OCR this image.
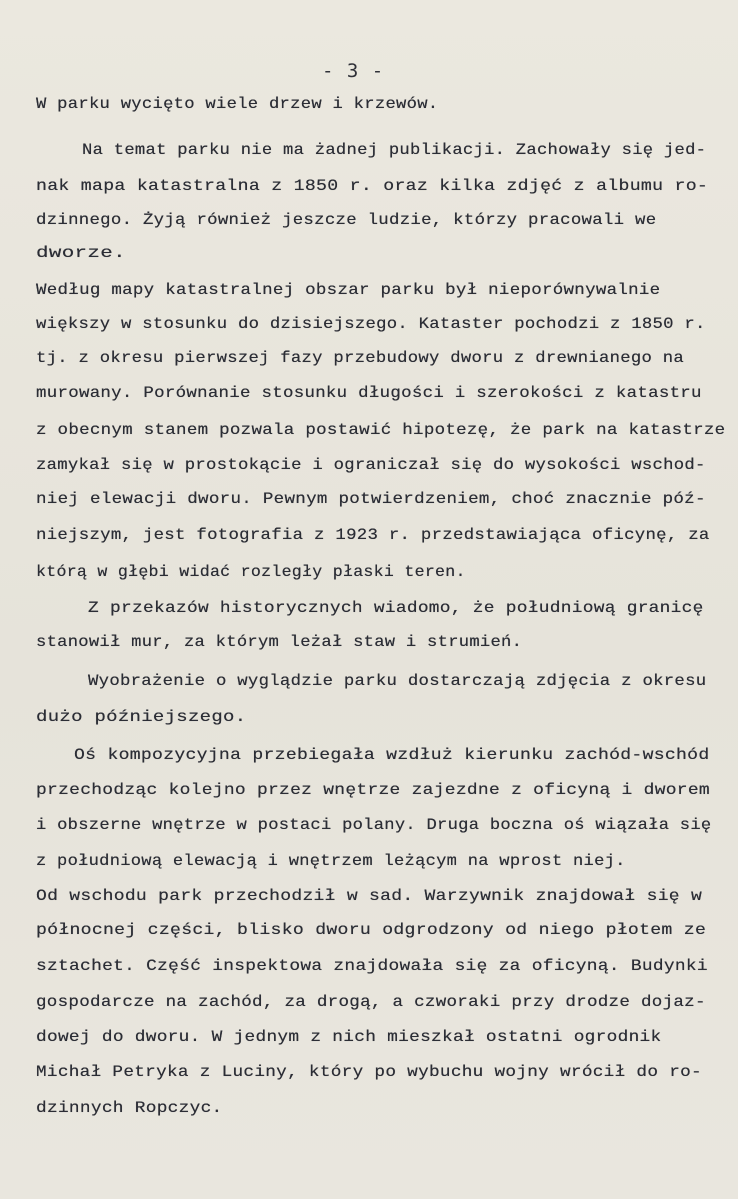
- 3 -
W parku wycięto wiele drzew i krzewów.
Na temat parku nie ma żadnej publikacji. Zachowały się jed-
nak mapa katastralna z 1850 r. oraz kilka zdjęć z albumu ro-
dzinnego. Żyją również jeszcze ludzie, którzy pracowali we
dworze.
Według mapy katastralnej obszar parku był nieporównywalnie
większy w stosunku do dzisiejszego. Kataster pochodzi z 1850 r.
tj. z okresu pierwszej fazy przebudowy dworu z drewnianego na
murowany. Porównanie stosunku długości i szerokości z katastru
z obecnym stanem pozwala postawić hipotezę, że park na katastrze
zamykał się w prostokącie i ograniczał się do wysokości wschod-
niej elewacji dworu. Pewnym potwierdzeniem, choć znacznie póź-
niejszym, jest fotografia z 1923 r. przedstawiająca oficynę, za
którą w głębi widać rozległy płaski teren.
Z przekazów historycznych wiadomo, że południową granicę
stanowił mur, za którym leżał staw i strumień.
Wyobrażenie o wyglądzie parku dostarczają zdjęcia z okresu
dużo późniejszego.
Oś kompozycyjna przebiegała wzdłuż kierunku zachód-wschód
przechodząc kolejno przez wnętrze zajezdne z oficyną i dworem
i obszerne wnętrze w postaci polany. Druga boczna oś wiązała się
z południową elewacją i wnętrzem leżącym na wprost niej.
Od wschodu park przechodził w sad. Warzywnik znajdował się w
północnej części, blisko dworu odgrodzony od niego płotem ze
sztachet. Część inspektowa znajdowała się za oficyną. Budynki
gospodarcze na zachód, za drogą, a czworaki przy drodze dojaz-
dowej do dworu. W jednym z nich mieszkał ostatni ogrodnik
Michał Petryka z Luciny, który po wybuchu wojny wrócił do ro-
dzinnych Ropczyc.
